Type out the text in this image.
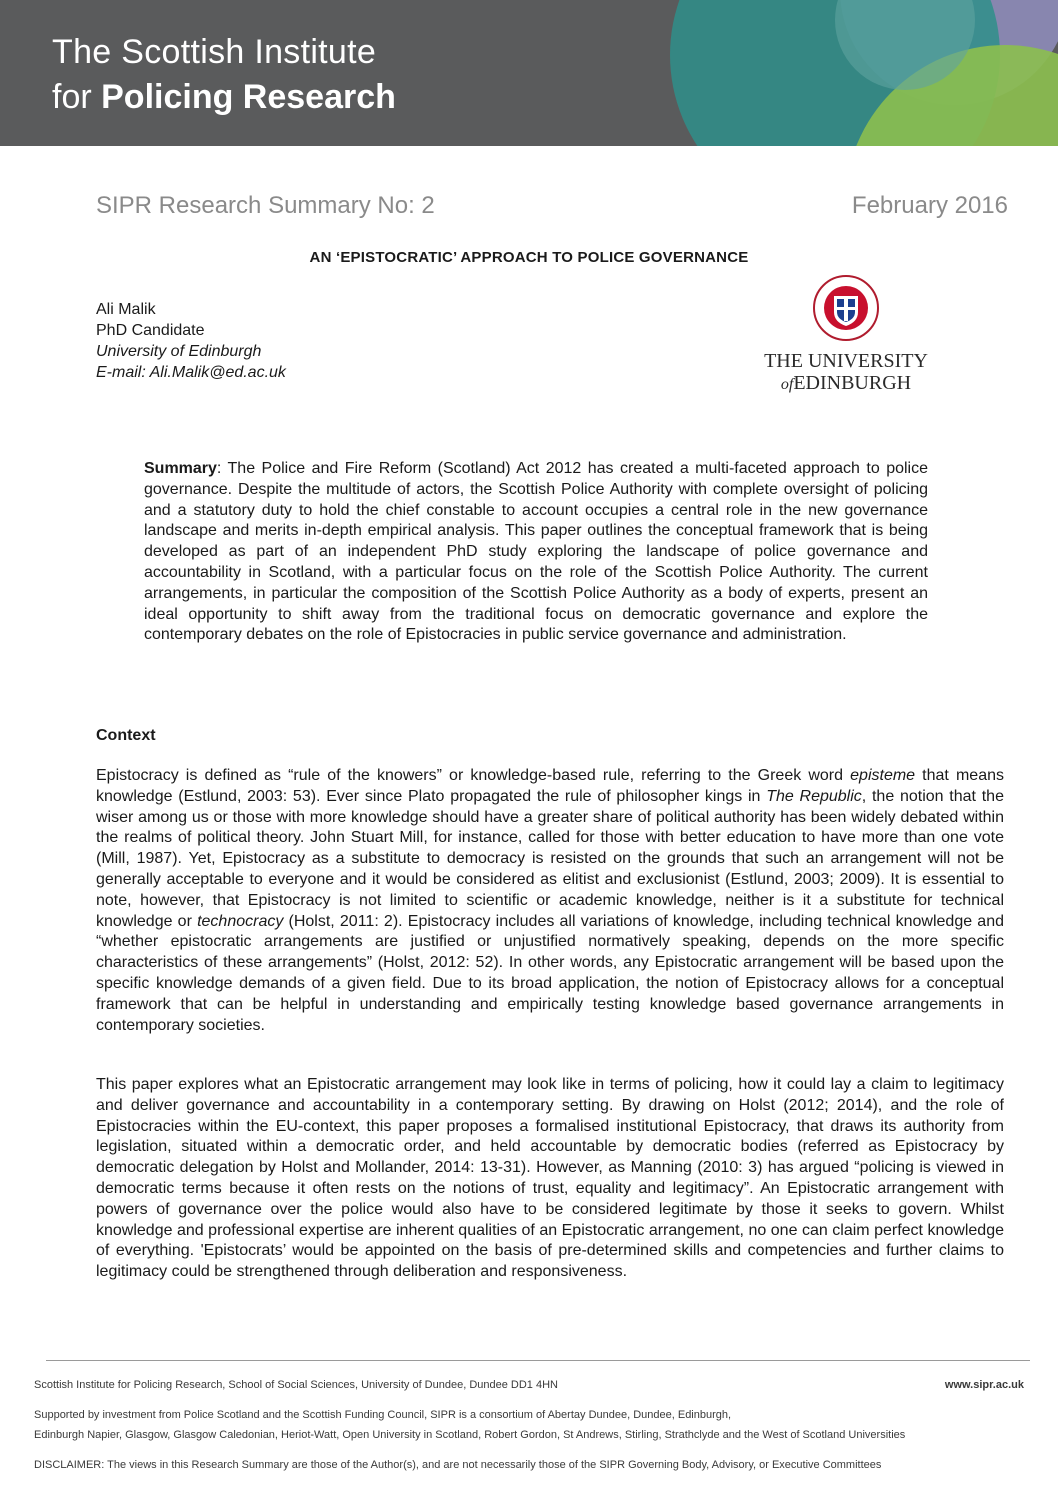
The Scottish Institute
for Policing Research
SIPR Research Summary No: 2	February 2016
AN ‘EPISTOCRATIC’ APPROACH TO POLICE GOVERNANCE
Ali Malik
PhD Candidate
University of Edinburgh
E-mail: Ali.Malik@ed.ac.uk
THE UNIVERSITY
ofEDINBURGH
Summary: The Police and Fire Reform (Scotland) Act 2012 has created a multi-faceted approach to police governance. Despite the multitude of actors, the Scottish Police Authority with complete oversight of policing and a statutory duty to hold the chief constable to account occupies a central role in the new governance landscape and merits in-depth empirical analysis. This paper outlines the conceptual framework that is being developed as part of an independent PhD study exploring the landscape of police governance and accountability in Scotland, with a particular focus on the role of the Scottish Police Authority. The current arrangements, in particular the composition of the Scottish Police Authority as a body of experts, present an ideal opportunity to shift away from the traditional focus on democratic governance and explore the contemporary debates on the role of Epistocracies in public service governance and administration.
Context
Epistocracy is defined as “rule of the knowers” or knowledge-based rule, referring to the Greek word episteme that means knowledge (Estlund, 2003: 53). Ever since Plato propagated the rule of philosopher kings in The Republic, the notion that the wiser among us or those with more knowledge should have a greater share of political authority has been widely debated within the realms of political theory. John Stuart Mill, for instance, called for those with better education to have more than one vote (Mill, 1987). Yet, Epistocracy as a substitute to democracy is resisted on the grounds that such an arrangement will not be generally acceptable to everyone and it would be considered as elitist and exclusionist (Estlund, 2003; 2009). It is essential to note, however, that Epistocracy is not limited to scientific or academic knowledge, neither is it a substitute for technical knowledge or technocracy (Holst, 2011: 2). Epistocracy includes all variations of knowledge, including technical knowledge and “whether epistocratic arrangements are justified or unjustified normatively speaking, depends on the more specific characteristics of these arrangements” (Holst, 2012: 52). In other words, any Epistocratic arrangement will be based upon the specific knowledge demands of a given field. Due to its broad application, the notion of Epistocracy allows for a conceptual framework that can be helpful in understanding and empirically testing knowledge based governance arrangements in contemporary societies.
This paper explores what an Epistocratic arrangement may look like in terms of policing, how it could lay a claim to legitimacy and deliver governance and accountability in a contemporary setting. By drawing on Holst (2012; 2014), and the role of Epistocracies within the EU-context, this paper proposes a formalised institutional Epistocracy, that draws its authority from legislation, situated within a democratic order, and held accountable by democratic bodies (referred as Epistocracy by democratic delegation by Holst and Mollander, 2014: 13-31). However, as Manning (2010: 3) has argued “policing is viewed in democratic terms because it often rests on the notions of trust, equality and legitimacy”. An Epistocratic arrangement with powers of governance over the police would also have to be considered legitimate by those it seeks to govern. Whilst knowledge and professional expertise are inherent qualities of an Epistocratic arrangement, no one can claim perfect knowledge of everything. 'Epistocrats’ would be appointed on the basis of pre-determined skills and competencies and further claims to legitimacy could be strengthened through deliberation and responsiveness.
Scottish Institute for Policing Research, School of Social Sciences, University of Dundee, Dundee DD1 4HN	www.sipr.ac.uk
Supported by investment from Police Scotland and the Scottish Funding Council, SIPR is a consortium of Abertay Dundee, Dundee, Edinburgh,
Edinburgh Napier, Glasgow, Glasgow Caledonian, Heriot-Watt, Open University in Scotland, Robert Gordon, St Andrews, Stirling, Strathclyde and the West of Scotland Universities
DISCLAIMER: The views in this Research Summary are those of the Author(s), and are not necessarily those of the SIPR Governing Body, Advisory, or Executive Committees
